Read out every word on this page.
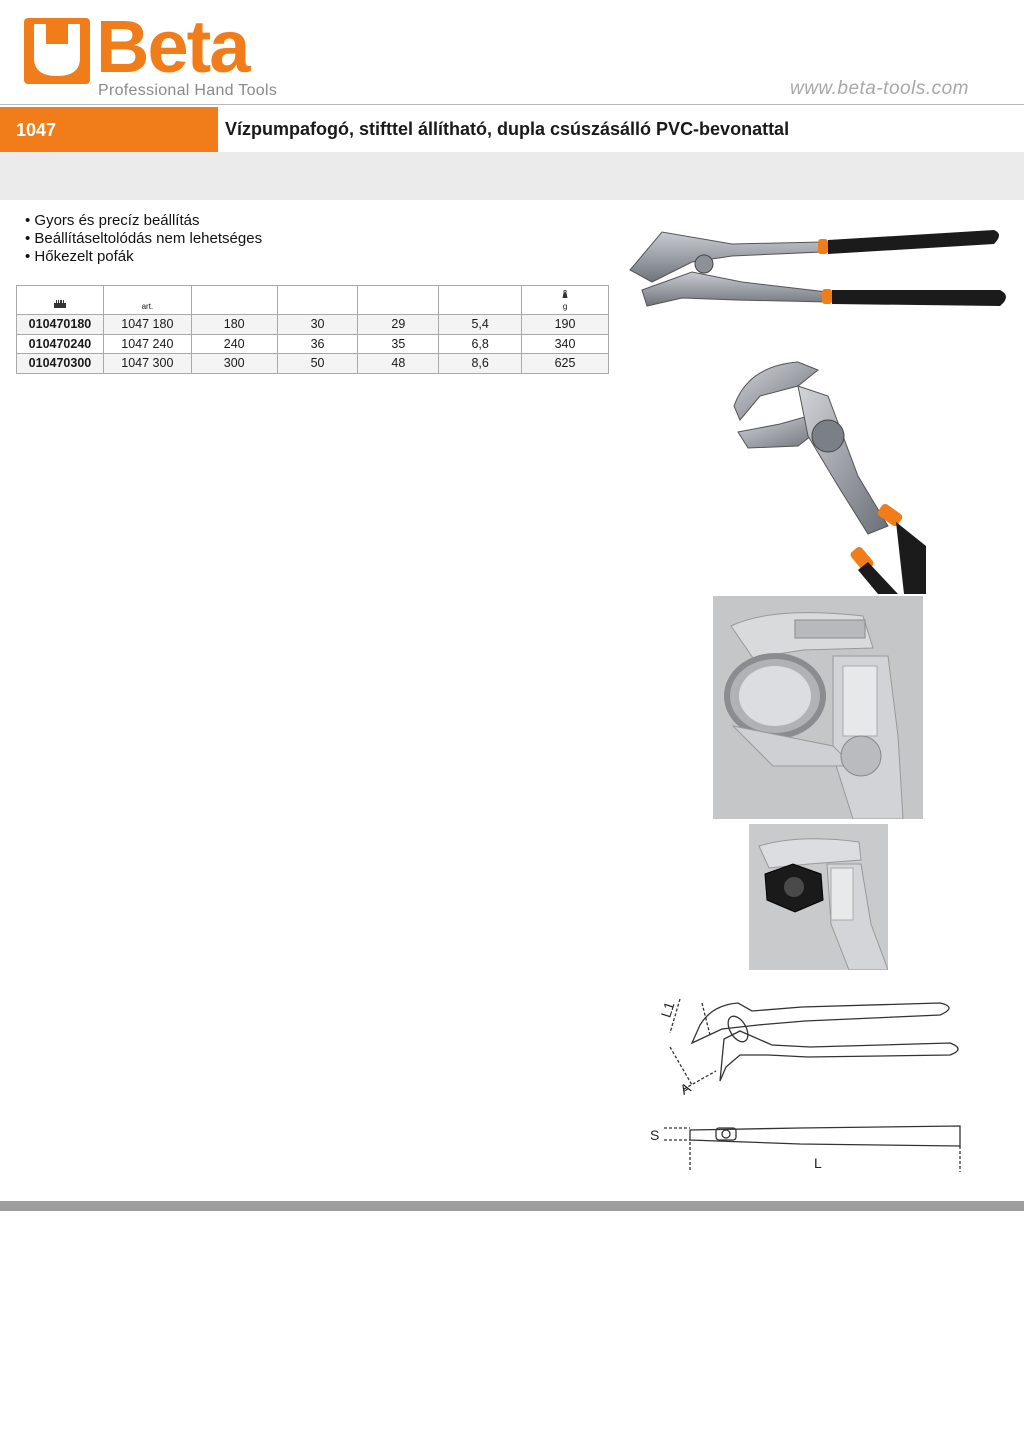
Beta
Professional Hand Tools	www.beta-tools.com
1047	Vízpumpafogó, stifttel állítható, dupla csúszásálló PVC-bevonattal
• Gyors és precíz beállítás
• Beállításeltolódás nem lehetséges
• Hőkezelt pofák
	art.					g
010470180	1047 180	180	30	29	5,4	190
010470240	1047 240	240	36	35	6,8	340
010470300	1047 300	300	50	48	8,6	625
L1
A
S
L
